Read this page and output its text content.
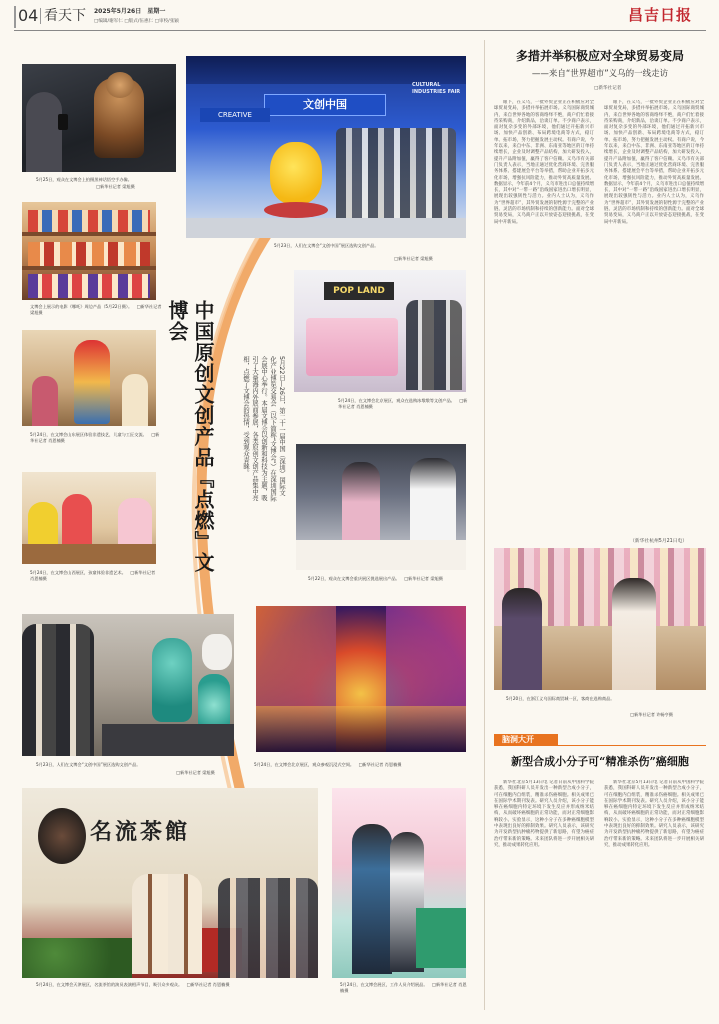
04 看天下 2025年5月26日 星期一
□编辑/谢军仁 □版式/伍惠仁 □审校/张颖	昌吉日报
5月25日，观众在文博会上拍摄黑神话悟空手办像。
□新华社记者 梁旭摄
文创中国
CREATIVE
CULTURAL INDUSTRIES FAIR
5月23日，人们在文博会“文创中国”展区选购文创产品。
□新华社记者 梁旭摄
文博会上展示的电影《哪吒》周边产品（5月22日摄）。 □新华社记者 梁旭摄	中国原创文创产品『点燃』文博会
5月22日—26日，第二十一届中国（深圳）国际文化产业博览交易会（以下简称“文博会”）在深圳国际会展中心举行。本届文博会以创新和科技为主题，吸引了大量海内外展商参展，各类原创文创产品集中亮相，点燃了文博会的热情，受到观众青睐。
POP LAND
5月24日，在文博会北京展区，观众在选购冰墩墩等文创产品。 □新华社记者 肖恩楠摄
5月24日，在文博会山东展区体验非遗技艺，儿童与工匠交流。 □新华社记者 肖恩楠摄
5月24日，在文博会山西展区，孩童体验非遗艺术。 □新华社记者 肖恩楠摄	5月22日，观众在文博会重庆展区挑选展出产品。 □新华社记者 梁旭摄
5月23日，人们在文博会“文创中国”展区选购文创产品。
□新华社记者 梁旭摄
5月24日，在文博会北京展区，观众参观沉浸式空间。 □新华社记者 肖恩楠摄
名流茶館
5月24日，在文博会天津展区，名流茶馆的演员表演相声节目，吸引众多观众。 □新华社记者 肖恩楠摄	5月24日，在文博会展区，工作人员介绍展品。 □新华社记者 肖恩楠摄
多措并举积极应对全球贸易变局
——来自“世界超市”义乌的一线走访
□新华社记者
眼下，在义乌，一批外贸企业正在积极应对全球贸易变局，多措并举拓展市场。义乌国际商贸城内，来自世界各地的客商络绎不绝，商户们忙着接待采购商，介绍新品，洽谈订单。不少商户表示，面对复杂多变的外部环境，他们通过开拓新兴市场、加快产品创新、布局跨境电商等方式，稳订单、拓市场，努力把握发展主动权。有商户说，今年以来，来自中东、非洲、东南亚等地区的订单持续增长，企业及时调整产品结构，加大研发投入，提升产品附加值，赢得了客户信赖。义乌市有关部门负责人表示，当地正通过优化营商环境、完善服务体系、搭建展会平台等举措，帮助企业开拓多元化市场，增强抗风险能力，推动外贸高质量发展。数据显示，今年前4个月，义乌市进出口总值持续增长，其中对“一带一路”沿线国家进出口增长明显，展现出较强韧性与活力。业内人士认为，义乌作为“世界超市”，其外贸发展的韧性源于完整的产业链、灵活的市场机制和持续的创新能力。面对全球贸易变局，义乌商户正以开放姿态迎接挑战，在变局中开新局。
眼下，在义乌，一批外贸企业正在积极应对全球贸易变局，多措并举拓展市场。义乌国际商贸城内，来自世界各地的客商络绎不绝，商户们忙着接待采购商，介绍新品，洽谈订单。不少商户表示，面对复杂多变的外部环境，他们通过开拓新兴市场、加快产品创新、布局跨境电商等方式，稳订单、拓市场，努力把握发展主动权。有商户说，今年以来，来自中东、非洲、东南亚等地区的订单持续增长，企业及时调整产品结构，加大研发投入，提升产品附加值，赢得了客户信赖。义乌市有关部门负责人表示，当地正通过优化营商环境、完善服务体系、搭建展会平台等举措，帮助企业开拓多元化市场，增强抗风险能力，推动外贸高质量发展。数据显示，今年前4个月，义乌市进出口总值持续增长，其中对“一带一路”沿线国家进出口增长明显，展现出较强韧性与活力。业内人士认为，义乌作为“世界超市”，其外贸发展的韧性源于完整的产业链、灵活的市场机制和持续的创新能力。面对全球贸易变局，义乌商户正以开放姿态迎接挑战，在变局中开新局。
（新华社杭州5月21日电）
5月20日，在浙江义乌国际商贸城一区，客商在选购商品。
□新华社记者 许畅亨摄
脑洞大开
新型合成小分子可“精准杀伤”癌细胞
新华社北京5月13日电 记者日前从中国科学院获悉，我国科研人员开发出一种新型合成小分子，可在细胞内自组装，精准杀伤癌细胞。相关成果已在国际学术期刊发表。研究人员介绍，该小分子能够在癌细胞内特定环境下发生反应并形成纳米结构，从而破坏癌细胞的正常功能，而对正常细胞影响较小。实验显示，这种小分子在多种癌细胞模型中表现出良好的抑制效果。研究人员表示，该研究为开发新型抗肿瘤药物提供了新思路，有望为癌症治疗带来新的策略。未来团队将进一步开展相关研究，推动成果转化应用。
新华社北京5月13日电 记者日前从中国科学院获悉，我国科研人员开发出一种新型合成小分子，可在细胞内自组装，精准杀伤癌细胞。相关成果已在国际学术期刊发表。研究人员介绍，该小分子能够在癌细胞内特定环境下发生反应并形成纳米结构，从而破坏癌细胞的正常功能，而对正常细胞影响较小。实验显示，这种小分子在多种癌细胞模型中表现出良好的抑制效果。研究人员表示，该研究为开发新型抗肿瘤药物提供了新思路，有望为癌症治疗带来新的策略。未来团队将进一步开展相关研究，推动成果转化应用。
